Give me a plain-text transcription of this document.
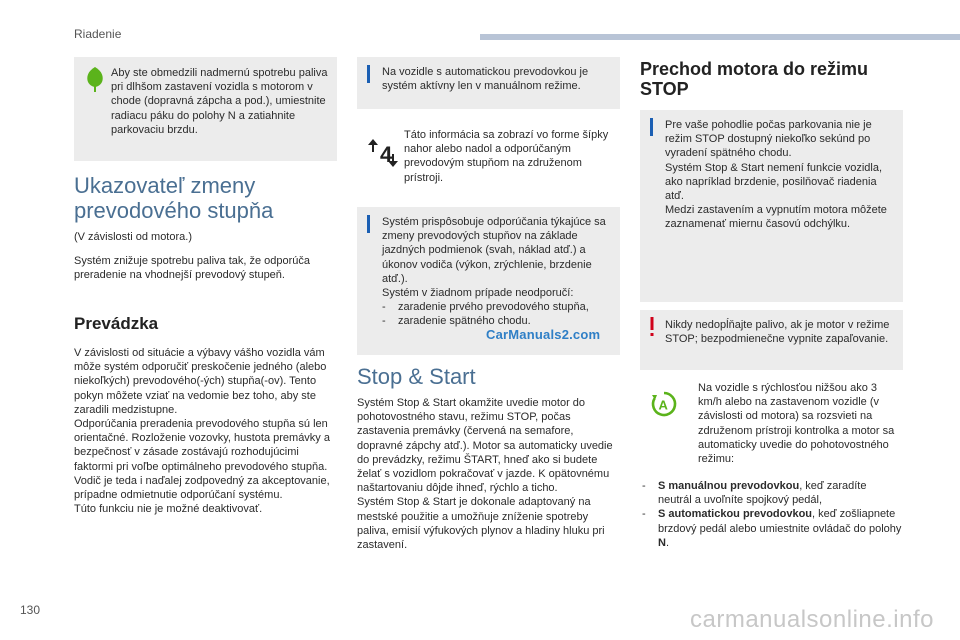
Riadenie
Aby ste obmedzili nadmernú spotrebu paliva pri dlhšom zastavení vozidla s motorom v chode (dopravná zápcha a pod.), umiestnite radiacu páku do polohy N a zatiahnite parkovaciu brzdu.
Ukazovateľ zmeny prevodového stupňa
(V závislosti od motora.)
Systém znižuje spotrebu paliva tak, že odporúča preradenie na vhodnejší prevodový stupeň.
Prevádzka
V závislosti od situácie a výbavy vášho vozidla vám môže systém odporučiť preskočenie jedného (alebo niekoľkých) prevodového(-ých) stupňa(-ov). Tento pokyn môžete vziať na vedomie bez toho, aby ste zaradili medzistupne.
Odporúčania preradenia prevodového stupňa sú len orientačné. Rozloženie vozovky, hustota premávky a bezpečnosť v zásade zostávajú rozhodujúcimi faktormi pri voľbe optimálneho prevodového stupňa. Vodič je teda i naďalej zodpovedný za akceptovanie, prípadne odmietnutie odporúčaní systému.
Túto funkciu nie je možné deaktivovať.
Na vozidle s automatickou prevodovkou je systém aktívny len v manuálnom režime.
4
Táto informácia sa zobrazí vo forme šípky nahor alebo nadol a odporúčaným prevodovým stupňom na združenom prístroji.
Systém prispôsobuje odporúčania týkajúce sa zmeny prevodových stupňov na základe jazdných podmienok (svah, náklad atď.) a úkonov vodiča (výkon, zrýchlenie, brzdenie atď.).
Systém v žiadnom prípade neodporučí:
- zaradenie prvého prevodového stupňa,
- zaradenie spätného chodu.
CarManuals2.com
Stop & Start
Systém Stop & Start okamžite uvedie motor do pohotovostného stavu, režimu STOP, počas zastavenia premávky (červená na semafore, dopravné zápchy atď.). Motor sa automaticky uvedie do prevádzky, režimu ŠTART, hneď ako si budete želať s vozidlom pokračovať v jazde. K opätovnému naštartovaniu dôjde ihneď, rýchlo a ticho.
Systém Stop & Start je dokonale adaptovaný na mestské použitie a umožňuje zníženie spotreby paliva, emisií výfukových plynov a hladiny hluku pri zastavení.
Prechod motora do režimu STOP
Pre vaše pohodlie počas parkovania nie je režim STOP dostupný niekoľko sekúnd po vyradení spätného chodu.
Systém Stop & Start nemení funkcie vozidla, ako napríklad brzdenie, posilňovač riadenia atď.
Medzi zastavením a vypnutím motora môžete zaznamenať miernu časovú odchýlku.
Nikdy nedopĺňajte palivo, ak je motor v režime STOP; bezpodmienečne vypnite zapaľovanie.
A
Na vozidle s rýchlosťou nižšou ako 3 km/h alebo na zastavenom vozidle (v závislosti od motora) sa rozsvieti na združenom prístroji kontrolka a motor sa automaticky uvedie do pohotovostného režimu:
- S manuálnou prevodovkou, keď zaradíte neutrál a uvoľníte spojkový pedál,
- S automatickou prevodovkou, keď zošliapnete brzdový pedál alebo umiestnite ovládač do polohy N.
130	carmanualsonline.info
